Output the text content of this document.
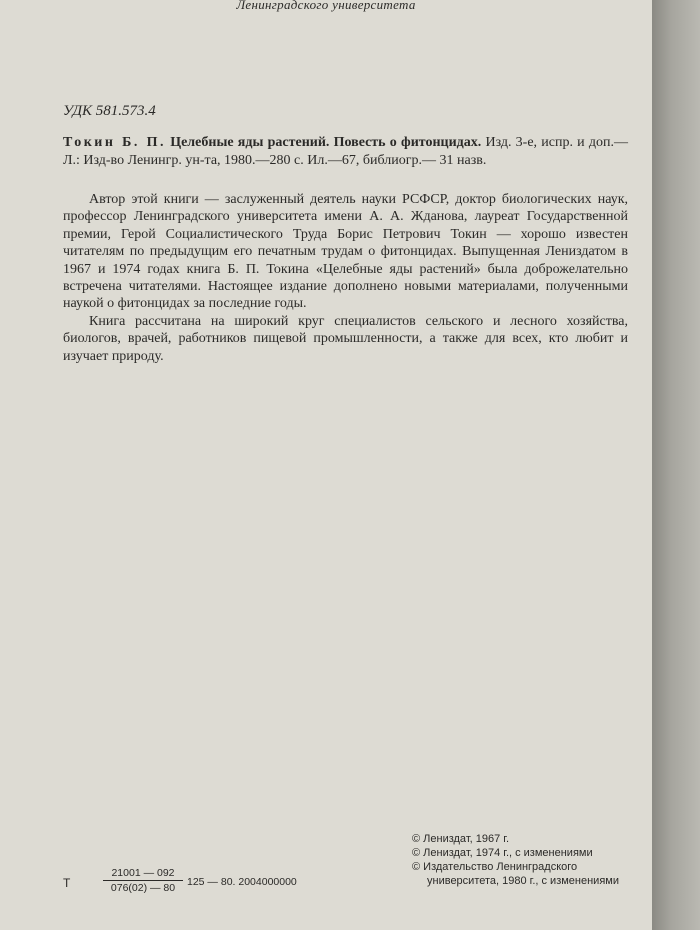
Ленинградского университета
УДК 581.573.4
Токин Б. П. Целебные яды растений. Повесть о фитонцидах. Изд. 3-е, испр. и доп.— Л.: Изд-во Ленингр. ун-та, 1980.—280 с. Ил.—67, библиогр.— 31 назв.

Автор этой книги — заслуженный деятель науки РСФСР, доктор биологических наук, профессор Ленинградского университета имени А. А. Жданова, лауреат Государственной премии, Герой Социалистического Труда Борис Петрович Токин — хорошо известен читателям по предыдущим его печатным трудам о фитонцидах. Выпущенная Лениздатом в 1967 и 1974 годах книга Б. П. Токина «Целебные яды растений» была доброжелательно встречена читателями. Настоящее издание дополнено новыми материалами, полученными наукой о фитонцидах за последние годы.

Книга рассчитана на широкий круг специалистов сельского и лесного хозяйства, биологов, врачей, работников пищевой промышленности, а также для всех, кто любит и изучает природу.

© Лениздат, 1967 г.
© Лениздат, 1974 г., с изменениями
© Издательство Ленинградского университета, 1980 г., с изменениями
Т	$\frac{21001 — 092}{076(02) — 80} 125$ — 80. 2004000000
